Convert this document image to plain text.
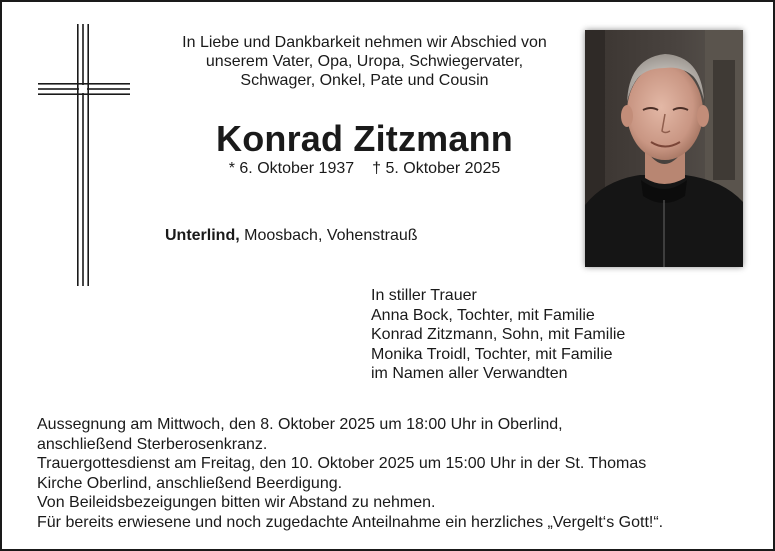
In Liebe und Dankbarkeit nehmen wir Abschied von
unserem Vater, Opa, Uropa, Schwiegervater,
Schwager, Onkel, Pate und Cousin
Konrad Zitzmann
* 6. Oktober 1937 † 5. Oktober 2025
Unterlind, Moosbach, Vohenstrauß
In stiller Trauer
Anna Bock, Tochter, mit Familie
Konrad Zitzmann, Sohn, mit Familie
Monika Troidl, Tochter, mit Familie
im Namen aller Verwandten
Aussegnung am Mittwoch, den 8. Oktober 2025 um 18:00 Uhr in Oberlind,
anschließend Sterberosenkranz.
Trauergottesdienst am Freitag, den 10. Oktober 2025 um 15:00 Uhr in der St. Thomas
Kirche Oberlind, anschließend Beerdigung.
Von Beileidsbezeigungen bitten wir Abstand zu nehmen.
Für bereits erwiesene und noch zugedachte Anteilnahme ein herzliches „Vergelt‘s Gott!“.
